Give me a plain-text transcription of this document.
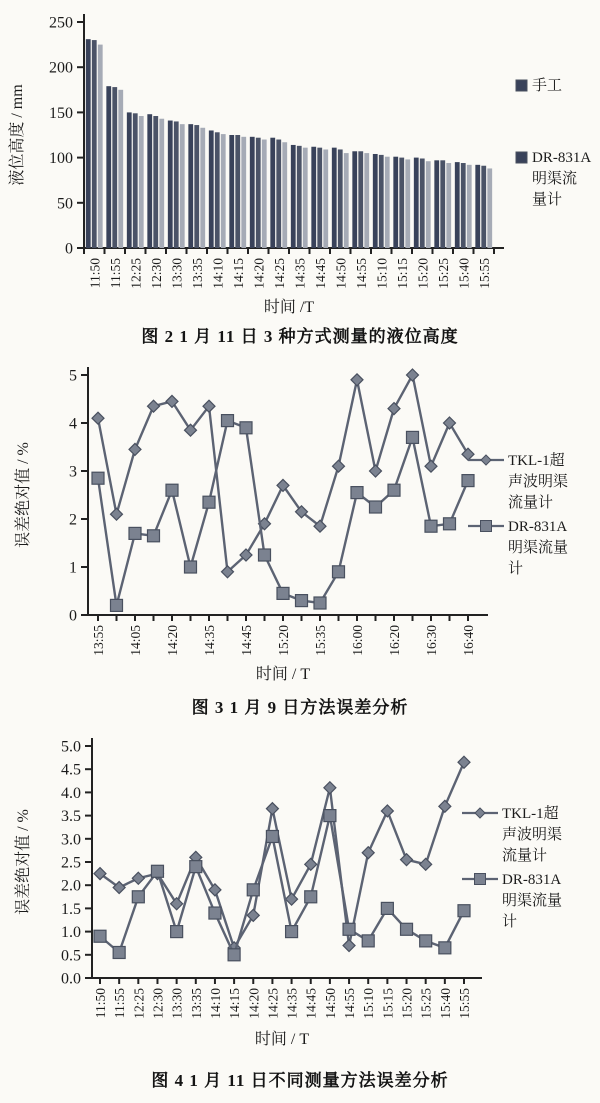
0
50
100
150
200
250
液位高度 / mm
11:50 11:55 12:25 12:30 13:30 13:35 14:10 14:15 14:20 14:25 14:35 14:45 14:50 14:55 15:10 15:15 15:20 15:25 15:40 15:55
时间 /T
手工
DR-831A
明渠流
量计
图 2 1 月 11 日 3 种方式测量的液位高度
0
1
2
3
4
5
误差绝对值 / %
13:55 14:05 14:20 14:35 14:45 15:20 15:35 16:00 16:20 16:30 16:40
时间 / T
TKL-1超
声波明渠
流量计
DR-831A
明渠流量
计
图 3 1 月 9 日方法误差分析
0.0
0.5
1.0
1.5
2.0
2.5
3.0
3.5
4.0
4.5
5.0
误差绝对值 / %
11:50 11:55 12:25 12:30 13:30 13:35 14:10 14:15 14:20 14:25 14:35 14:45 14:50 14:55 15:10 15:15 15:20 15:25 15:40 15:55
时间 / T
TKL-1超
声波明渠
流量计
DR-831A
明渠流量
计
图 4 1 月 11 日不同测量方法误差分析
